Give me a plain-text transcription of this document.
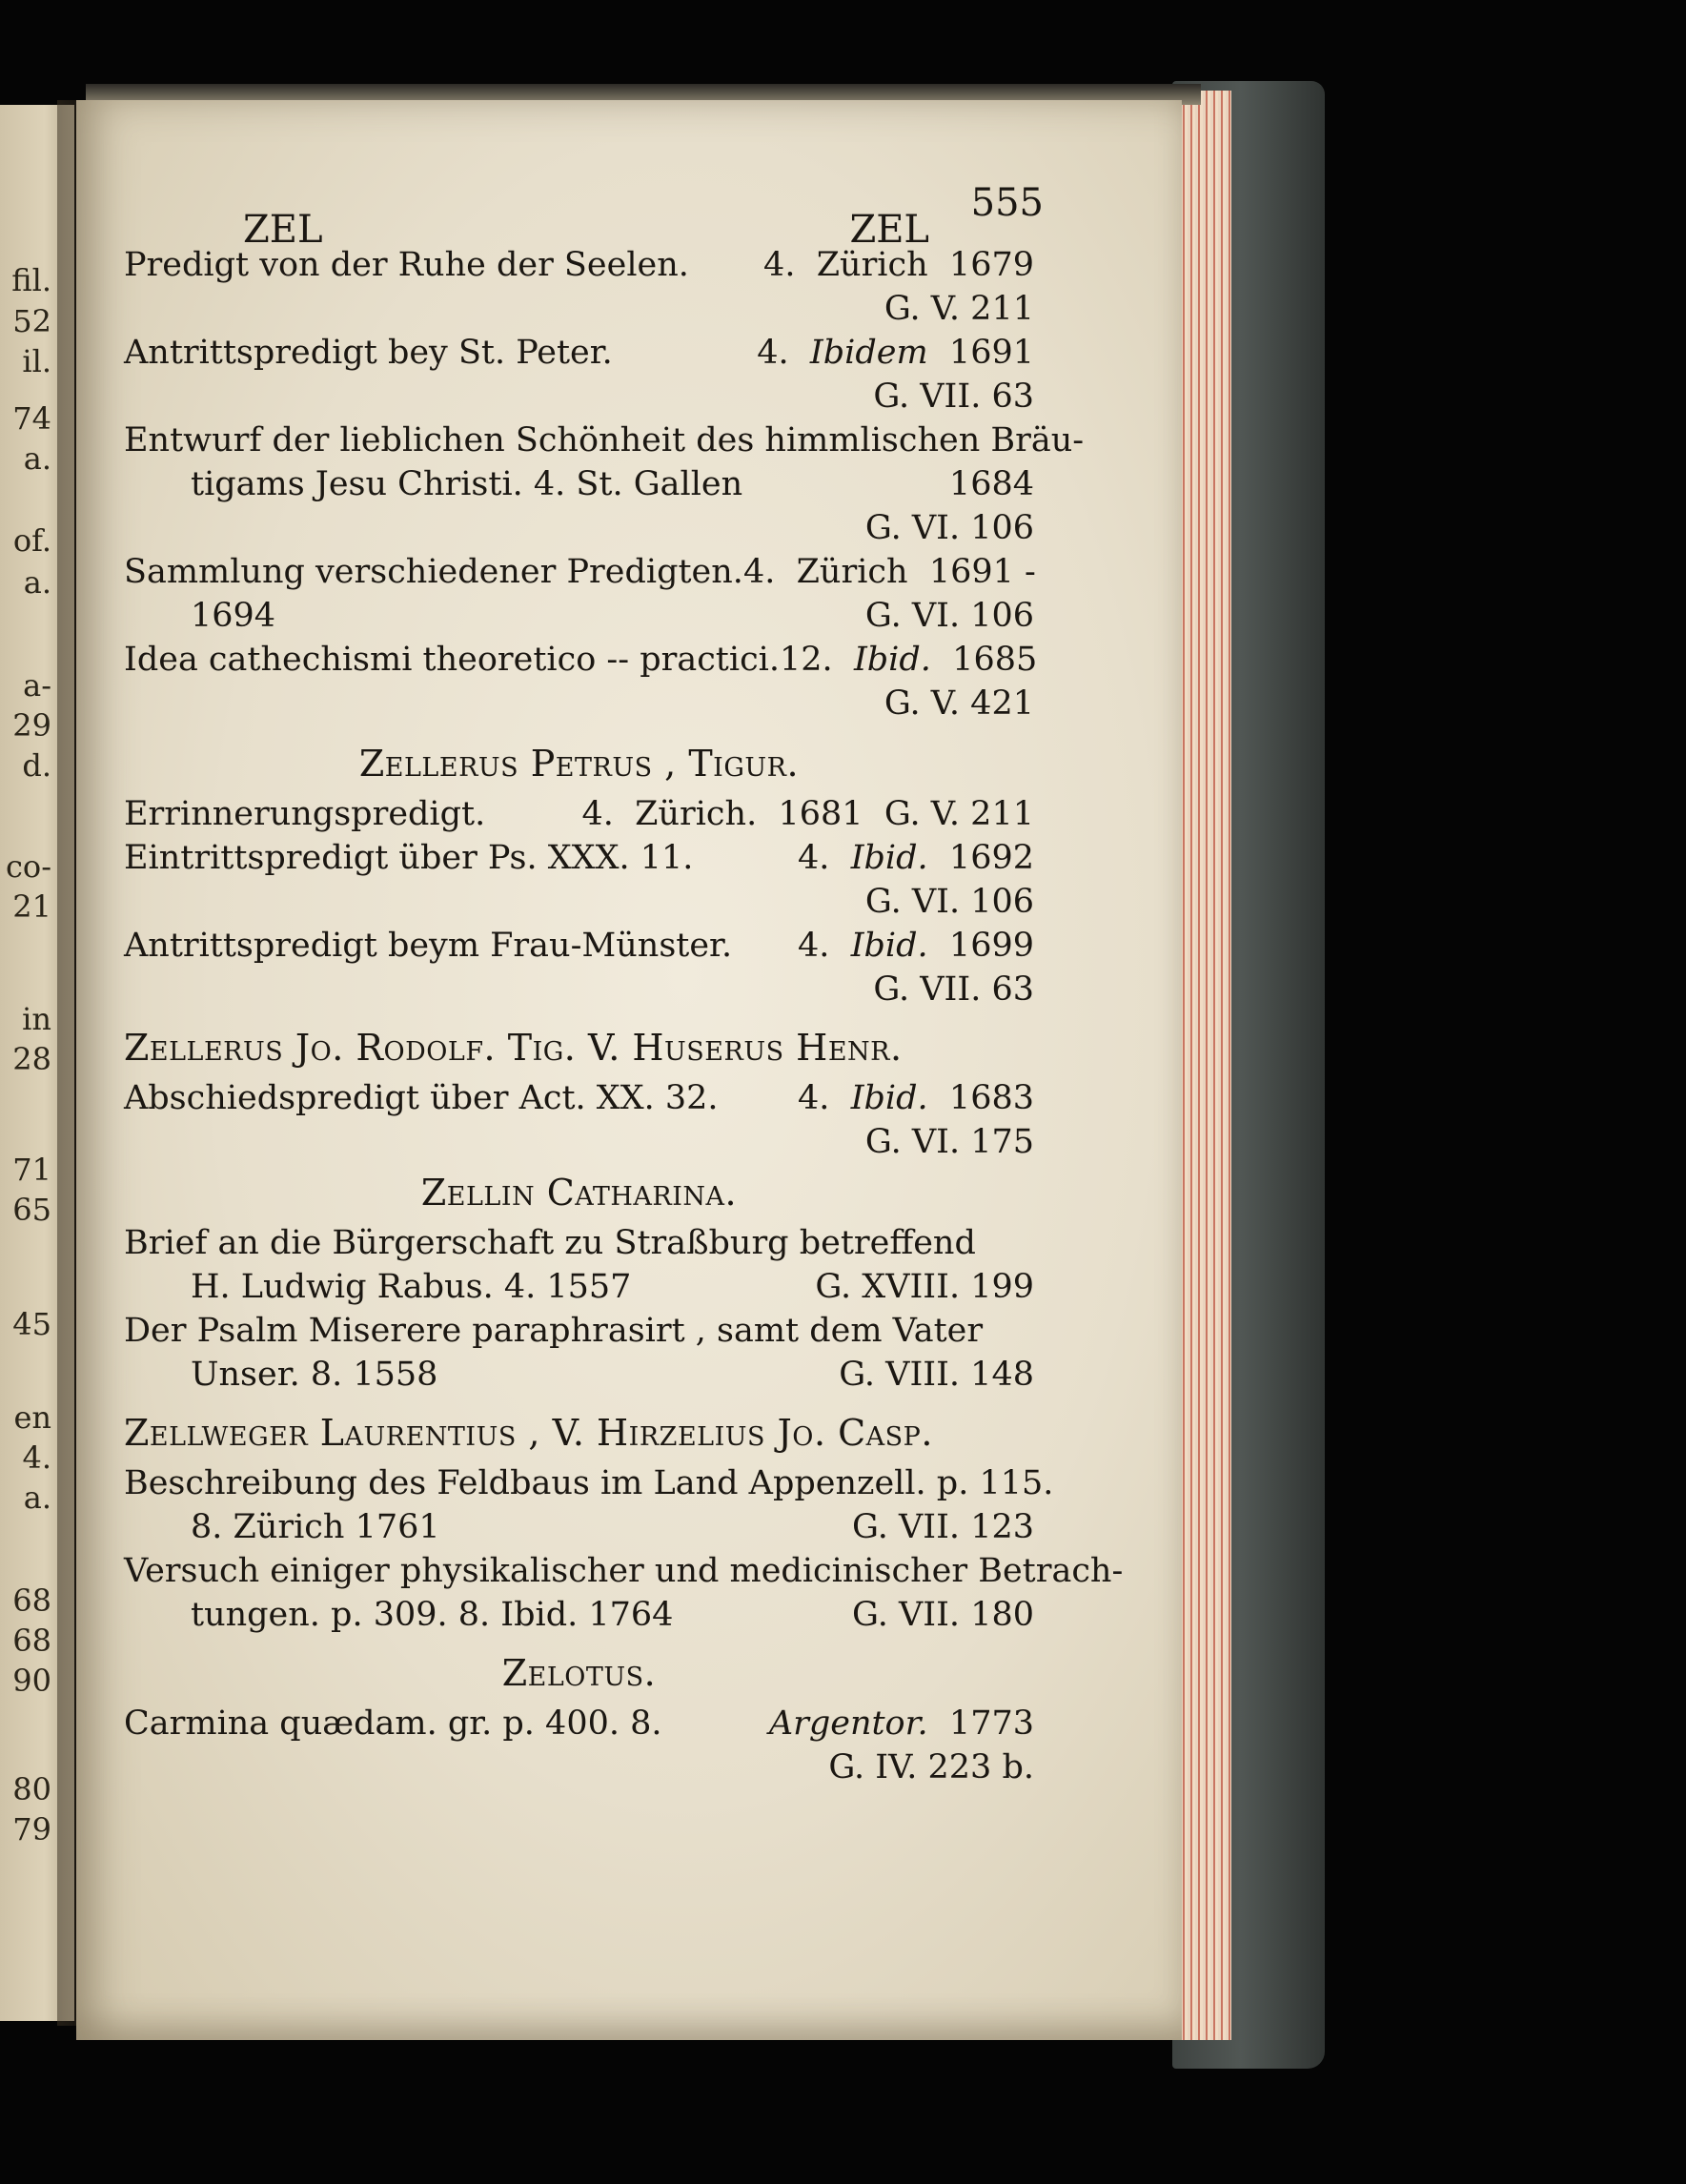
ﬁl.
52
il.
74
a.
of.
a.
a-
29
d.
co-
21
in
28
71
65
45
en
4.
a.
68
68
90
80
79
ZEL	ZEL
555
Predigt von der Ruhe der Seelen.	4. Zürich 1679
G. V. 211
Antrittspredigt bey St. Peter.	4. Ibidem 1691
G. VII. 63
Entwurf der lieblichen Schönheit des himmlischen Bräu-
tigams Jesu Christi. 4. St. Gallen	1684
G. VI. 106
Sammlung verschiedener Predigten. 4. Zürich 1691 -
1694	G. VI. 106
Idea cathechismi theoretico -- practici. 12. Ibid. 1685
G. V. 421
Zellerus Petrus , Tigur.
Errinnerungspredigt.	4. Zürich. 1681 G. V. 211
Eintrittspredigt über Ps. XXX. 11.	4. Ibid. 1692
G. VI. 106
Antrittspredigt beym Frau-Münster.	4. Ibid. 1699
G. VII. 63
Zellerus Jo. Rodolf. Tig. V. Huserus Henr.
Abschiedspredigt über Act. XX. 32.	4. Ibid. 1683
G. VI. 175
Zellin Catharina.
Brief an die Bürgerschaft zu Straßburg betreffend
H. Ludwig Rabus. 4. 1557	G. XVIII. 199
Der Psalm Miserere paraphrasirt , samt dem Vater
Unser. 8. 1558	G. VIII. 148
Zellweger Laurentius , V. Hirzelius Jo. Casp.
Beschreibung des Feldbaus im Land Appenzell. p. 115.
8. Zürich 1761	G. VII. 123
Versuch einiger physikalischer und medicinischer Betrach-
tungen. p. 309. 8. Ibid. 1764	G. VII. 180
Zelotus.
Carmina quædam. gr. p. 400. 8.	Argentor. 1773
G. IV. 223 b.
